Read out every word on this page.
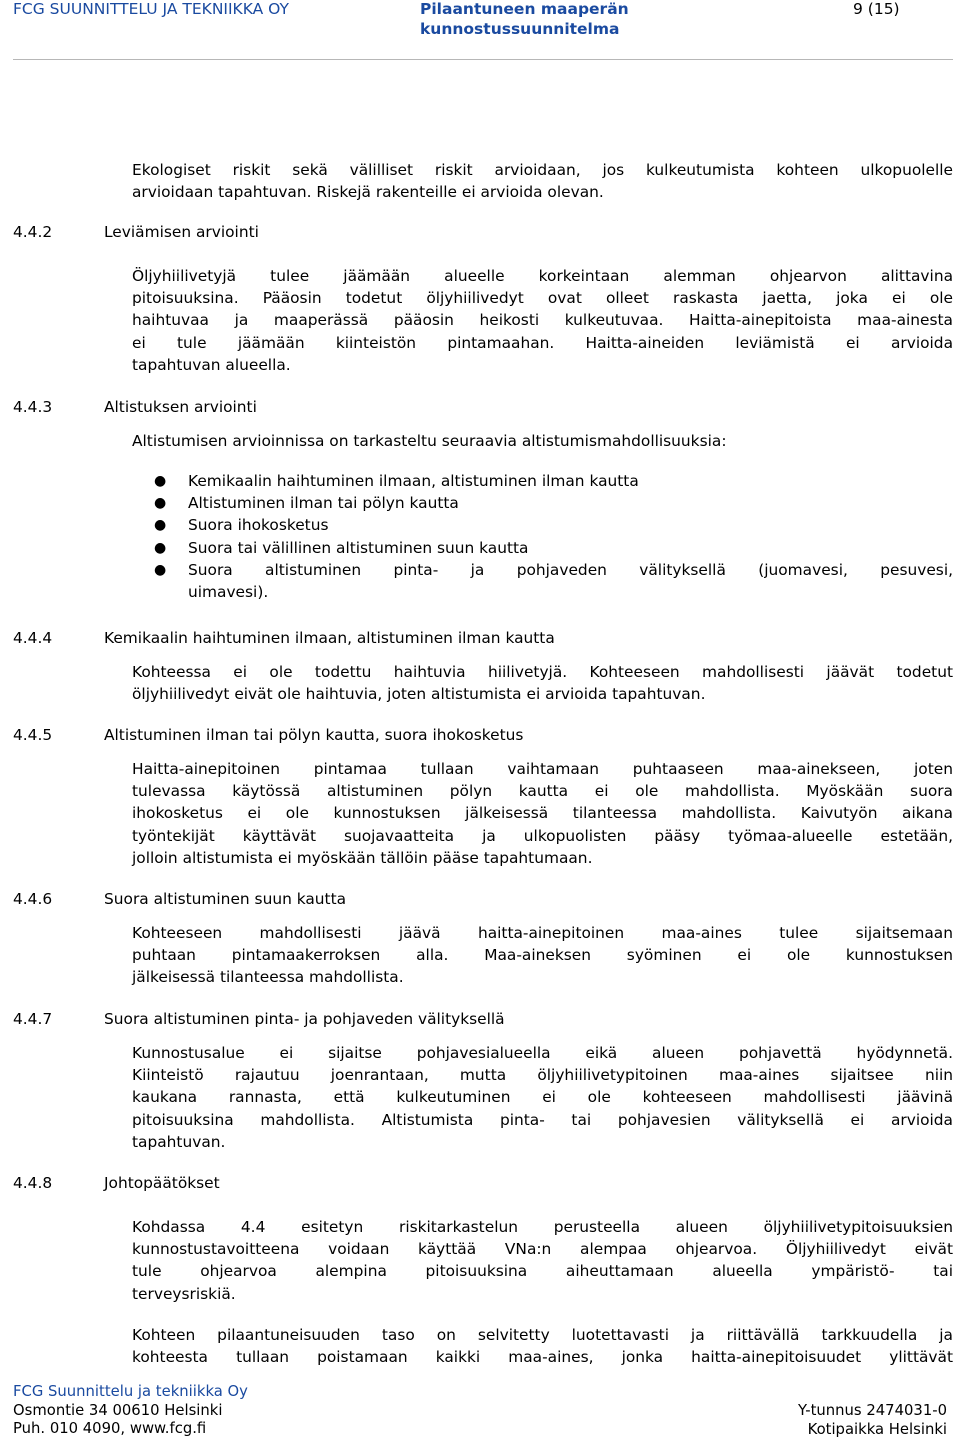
FCG SUUNNITTELU JA TEKNIIKKA OY	Pilaantuneen maaperän
kunnostussuunnitelma
9 (15)
Ekologiset riskit sekä välilliset riskit arvioidaan, jos kulkeutumista kohteen ulkopuolelle
arvioidaan tapahtuvan. Riskejä rakenteille ei arvioida olevan.
4.4.2	Leviämisen arviointi
Öljyhiilivetyjä tulee jäämään alueelle korkeintaan alemman ohjearvon alittavina
pitoisuuksina. Pääosin todetut öljyhiilivedyt ovat olleet raskasta jaetta, joka ei ole
haihtuvaa ja maaperässä pääosin heikosti kulkeutuvaa. Haitta-ainepitoista maa-ainesta
ei tule jäämään kiinteistön pintamaahan. Haitta-aineiden leviämistä ei arvioida
tapahtuvan alueella.
4.4.3	Altistuksen arviointi
Altistumisen arvioinnissa on tarkasteltu seuraavia altistumismahdollisuuksia:
● Kemikaalin haihtuminen ilmaan, altistuminen ilman kautta
● Altistuminen ilman tai pölyn kautta
● Suora ihokosketus
● Suora tai välillinen altistuminen suun kautta
● Suora altistuminen pinta- ja pohjaveden välityksellä (juomavesi, pesuvesi,
uimavesi).
4.4.4	Kemikaalin haihtuminen ilmaan, altistuminen ilman kautta
Kohteessa ei ole todettu haihtuvia hiilivetyjä. Kohteeseen mahdollisesti jäävät todetut
öljyhiilivedyt eivät ole haihtuvia, joten altistumista ei arvioida tapahtuvan.
4.4.5	Altistuminen ilman tai pölyn kautta, suora ihokosketus
Haitta-ainepitoinen pintamaa tullaan vaihtamaan puhtaaseen maa-ainekseen, joten
tulevassa käytössä altistuminen pölyn kautta ei ole mahdollista. Myöskään suora
ihokosketus ei ole kunnostuksen jälkeisessä tilanteessa mahdollista. Kaivutyön aikana
työntekijät käyttävät suojavaatteita ja ulkopuolisten pääsy työmaa-alueelle estetään,
jolloin altistumista ei myöskään tällöin pääse tapahtumaan.
4.4.6	Suora altistuminen suun kautta
Kohteeseen mahdollisesti jäävä haitta-ainepitoinen maa-aines tulee sijaitsemaan
puhtaan pintamaakerroksen alla. Maa-aineksen syöminen ei ole kunnostuksen
jälkeisessä tilanteessa mahdollista.
4.4.7	Suora altistuminen pinta- ja pohjaveden välityksellä
Kunnostusalue ei sijaitse pohjavesialueella eikä alueen pohjavettä hyödynnetä.
Kiinteistö rajautuu joenrantaan, mutta öljyhiilivetypitoinen maa-aines sijaitsee niin
kaukana rannasta, että kulkeutuminen ei ole kohteeseen mahdollisesti jäävinä
pitoisuuksina mahdollista. Altistumista pinta- tai pohjavesien välityksellä ei arvioida
tapahtuvan.
4.4.8	Johtopäätökset
Kohdassa 4.4 esitetyn riskitarkastelun perusteella alueen öljyhiilivetypitoisuuksien
kunnostustavoitteena voidaan käyttää VNa:n alempaa ohjearvoa. Öljyhiilivedyt eivät
tule ohjearvoa alempina pitoisuuksina aiheuttamaan alueella ympäristö- tai
terveysriskiä.
Kohteen pilaantuneisuuden taso on selvitetty luotettavasti ja riittävällä tarkkuudella ja
kohteesta tullaan poistamaan kaikki maa-aines, jonka haitta-ainepitoisuudet ylittävät
FCG Suunnittelu ja tekniikka Oy
Osmontie 34 00610 Helsinki
Puh. 010 4090, www.fcg.fi
Y-tunnus 2474031-0
Kotipaikka Helsinki
